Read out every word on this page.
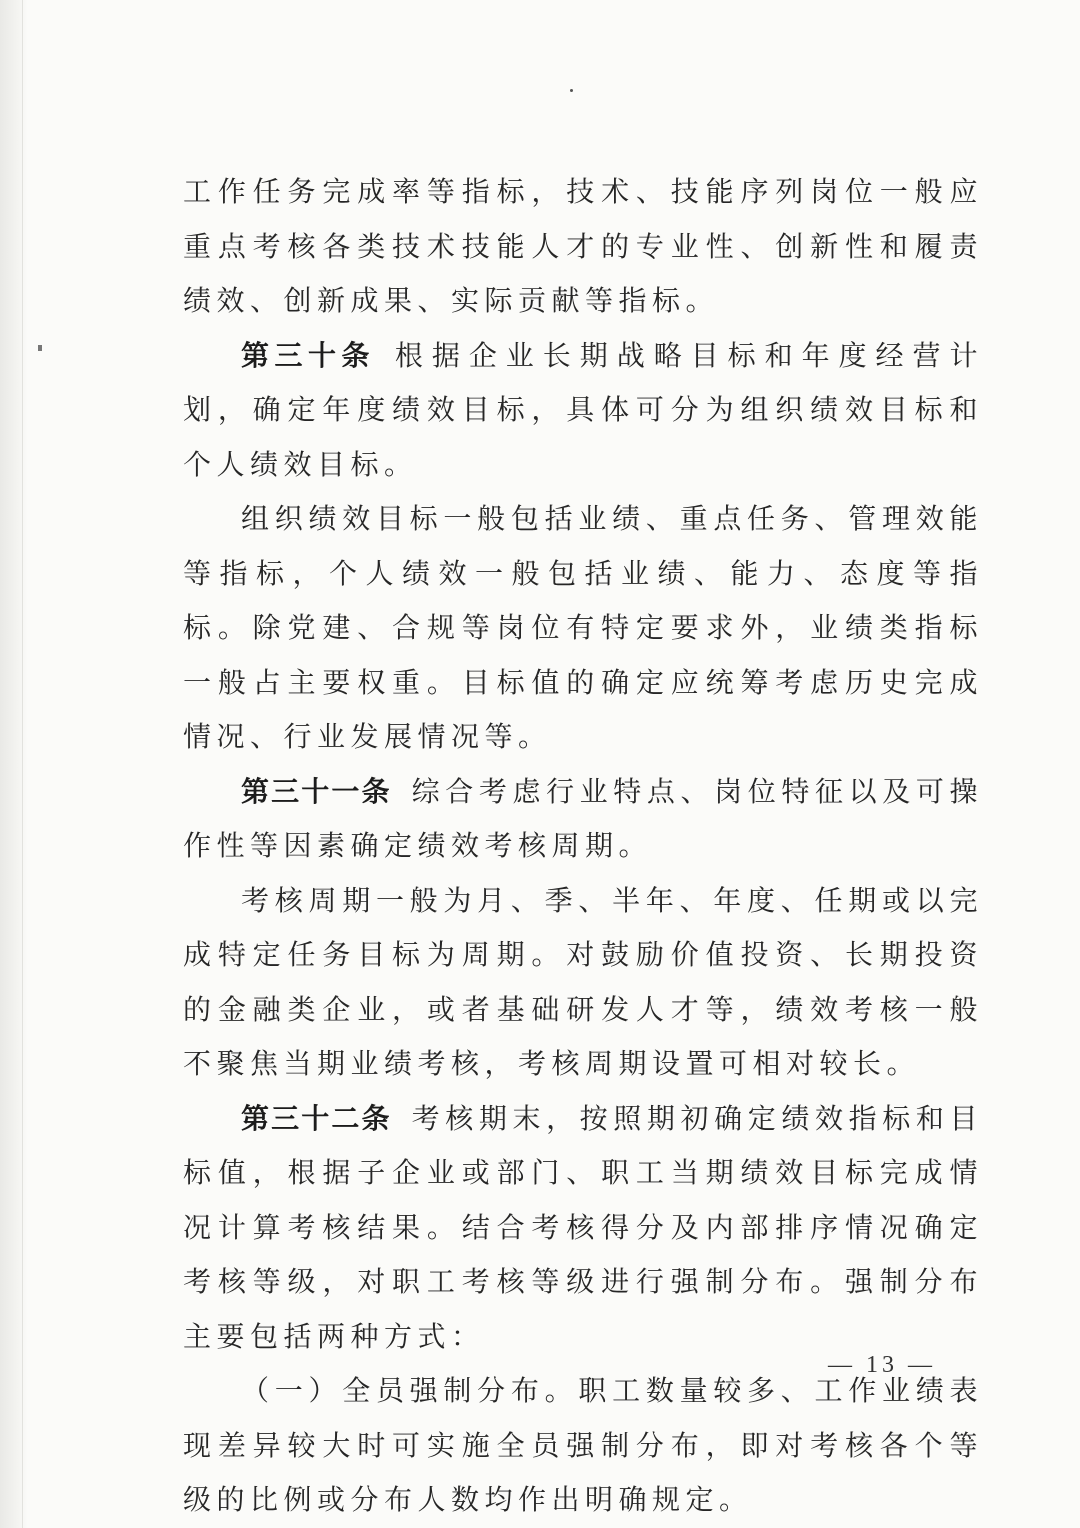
工作任务完成率等指标，技术、技能序列岗位一般应重点考核各类技术技能人才的专业性、创新性和履责绩效、创新成果、实际贡献等指标。

第三十条 根据企业长期战略目标和年度经营计划，确定年度绩效目标，具体可分为组织绩效目标和个人绩效目标。

组织绩效目标一般包括业绩、重点任务、管理效能等指标，个人绩效一般包括业绩、能力、态度等指标。除党建、合规等岗位有特定要求外，业绩类指标一般占主要权重。目标值的确定应统筹考虑历史完成情况、行业发展情况等。

第三十一条 综合考虑行业特点、岗位特征以及可操作性等因素确定绩效考核周期。

考核周期一般为月、季、半年、年度、任期或以完成特定任务目标为周期。对鼓励价值投资、长期投资的金融类企业，或者基础研发人才等，绩效考核一般不聚焦当期业绩考核，考核周期设置可相对较长。

第三十二条 考核期末，按照期初确定绩效指标和目标值，根据子企业或部门、职工当期绩效目标完成情况计算考核结果。结合考核得分及内部排序情况确定考核等级，对职工考核等级进行强制分布。强制分布主要包括两种方式：

（一）全员强制分布。职工数量较多、工作业绩表现差异较大时可实施全员强制分布，即对考核各个等级的比例或分布人数均作出明确规定。

— 13 —
